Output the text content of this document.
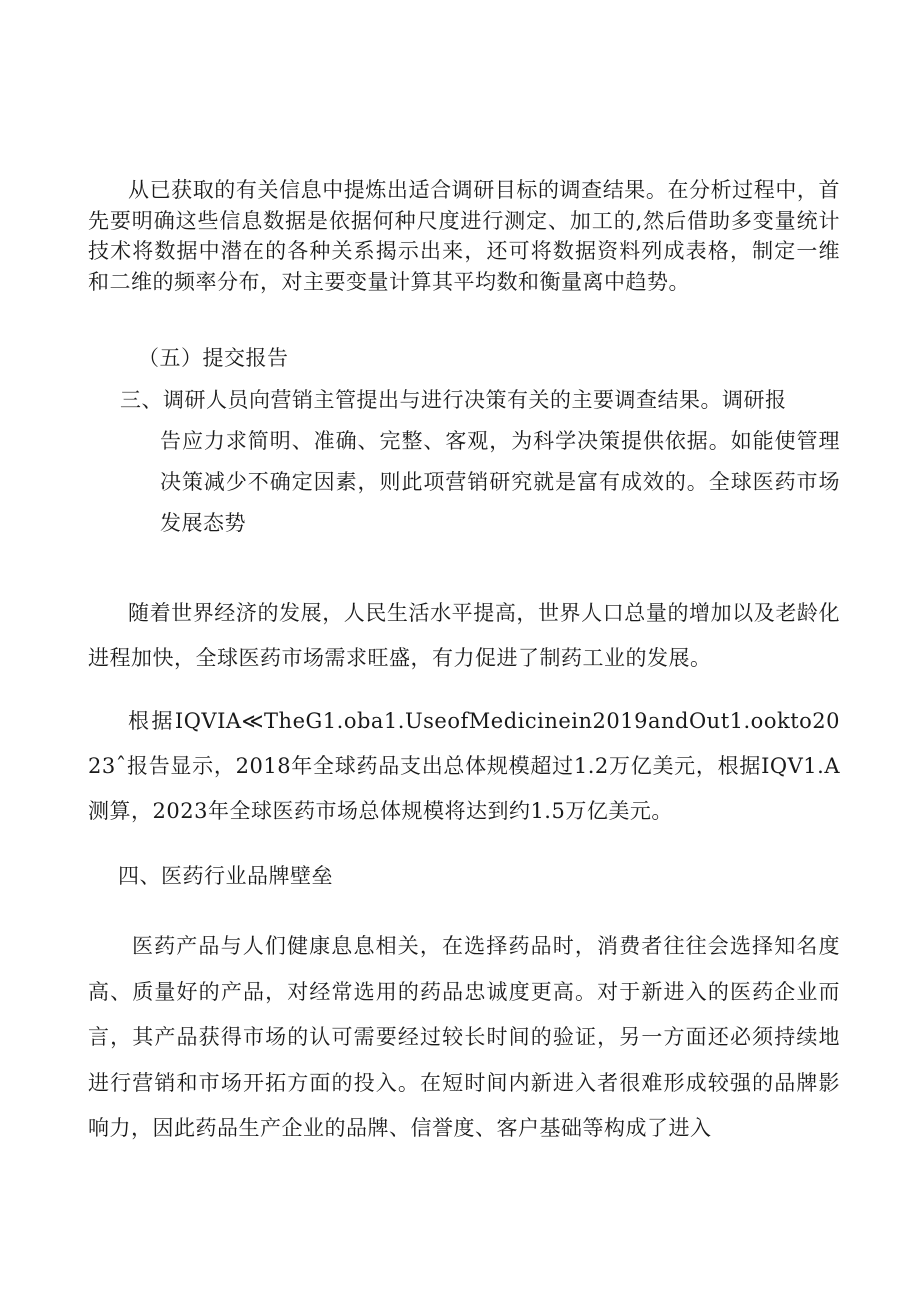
从已获取的有关信息中提炼出适合调研目标的调查结果。在分析过程中，首先要明确这些信息数据是依据何种尺度进行测定、加工的,然后借助多变量统计技术将数据中潜在的各种关系揭示出来，还可将数据资料列成表格，制定一维和二维的频率分布，对主要变量计算其平均数和衡量离中趋势。

（五）提交报告

三、调研人员向营销主管提出与进行决策有关的主要调查结果。调研报
告应力求简明、准确、完整、客观，为科学决策提供依据。如能使管理决策减少不确定因素，则此项营销研究就是富有成效的。全球医药市场发展态势

随着世界经济的发展，人民生活水平提高，世界人口总量的增加以及老龄化进程加快，全球医药市场需求旺盛，有力促进了制药工业的发展。

根据IQVIA≪TheG1.oba1.UseofMedicinein2019andOut1.ookto2023ˆ报告显示，2018年全球药品支出总体规模超过1.2万亿美元，根据IQV1.A测算，2023年全球医药市场总体规模将达到约1.5万亿美元。

四、医药行业品牌壁垒

医药产品与人们健康息息相关，在选择药品时，消费者往往会选择知名度高、质量好的产品，对经常选用的药品忠诚度更高。对于新进入的医药企业而言，其产品获得市场的认可需要经过较长时间的验证，另一方面还必须持续地进行营销和市场开拓方面的投入。在短时间内新进入者很难形成较强的品牌影响力，因此药品生产企业的品牌、信誉度、客户基础等构成了进入
